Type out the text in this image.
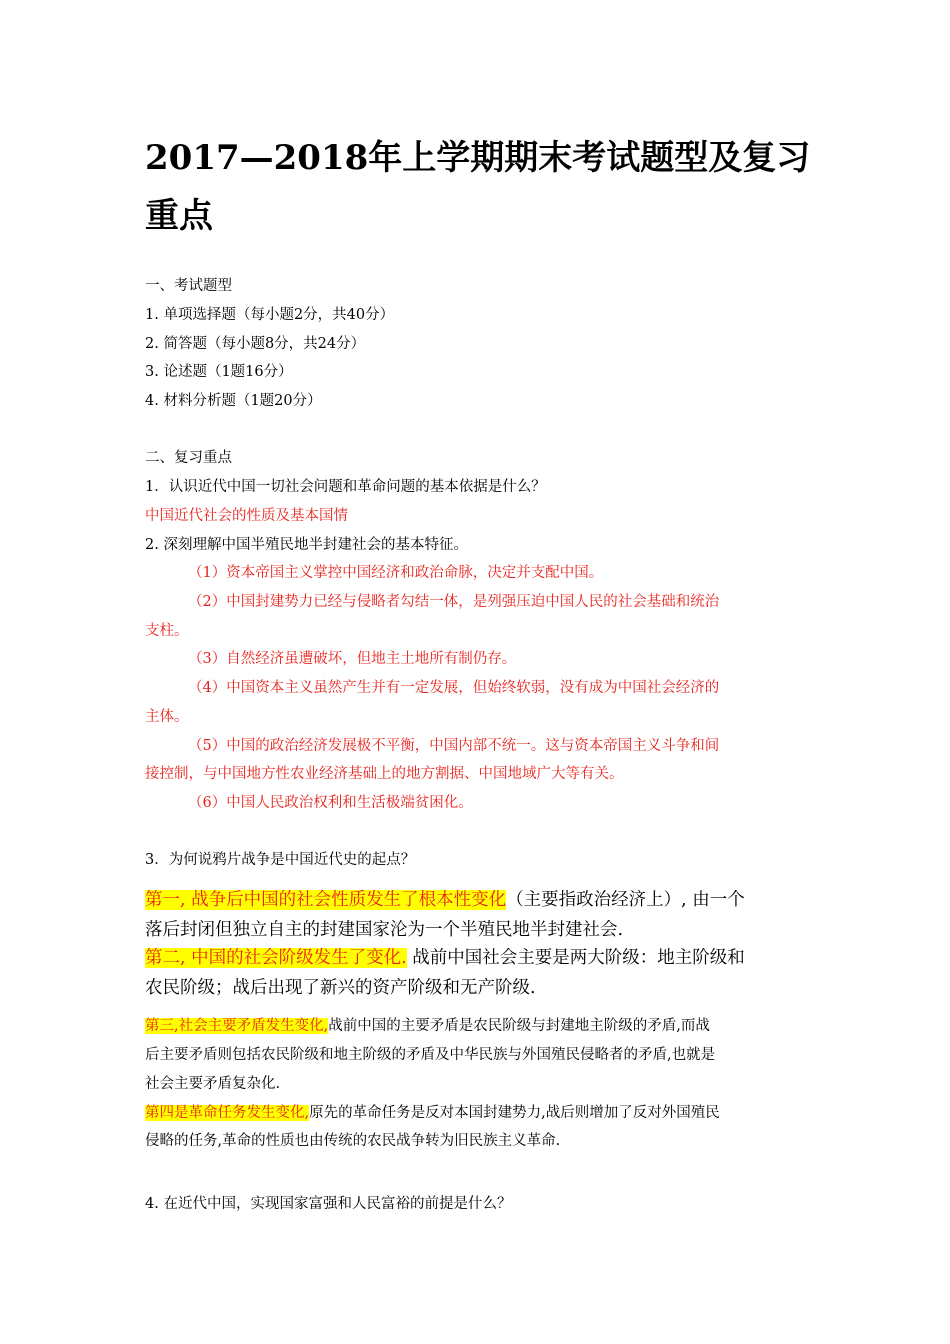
2017—2018年上学期期末考试题型及复习
重点
一、考试题型
1. 单项选择题（每小题2分，共40分）
2. 简答题（每小题8分，共24分）
3. 论述题（1题16分）
4. 材料分析题（1题20分）
二、复习重点
1．认识近代中国一切社会问题和革命问题的基本依据是什么？
中国近代社会的性质及基本国情
2. 深刻理解中国半殖民地半封建社会的基本特征。
（1）资本帝国主义掌控中国经济和政治命脉，决定并支配中国。
（2）中国封建势力已经与侵略者勾结一体，是列强压迫中国人民的社会基础和统治
支柱。
（3）自然经济虽遭破坏，但地主土地所有制仍存。
（4）中国资本主义虽然产生并有一定发展，但始终软弱，没有成为中国社会经济的
主体。
（5）中国的政治经济发展极不平衡，中国内部不统一。这与资本帝国主义斗争和间
接控制，与中国地方性农业经济基础上的地方割据、中国地域广大等有关。
（6）中国人民政治权利和生活极端贫困化。
3．为何说鸦片战争是中国近代史的起点？
第一, 战争后中国的社会性质发生了根本性变化（主要指政治经济上）, 由一个
落后封闭但独立自主的封建国家沦为一个半殖民地半封建社会.
第二, 中国的社会阶级发生了变化. 战前中国社会主要是两大阶级：地主阶级和
农民阶级；战后出现了新兴的资产阶级和无产阶级.
第三,社会主要矛盾发生变化,战前中国的主要矛盾是农民阶级与封建地主阶级的矛盾,而战
后主要矛盾则包括农民阶级和地主阶级的矛盾及中华民族与外国殖民侵略者的矛盾,也就是
社会主要矛盾复杂化.
第四是革命任务发生变化,原先的革命任务是反对本国封建势力,战后则增加了反对外国殖民
侵略的任务,革命的性质也由传统的农民战争转为旧民族主义革命.
4. 在近代中国，实现国家富强和人民富裕的前提是什么？
